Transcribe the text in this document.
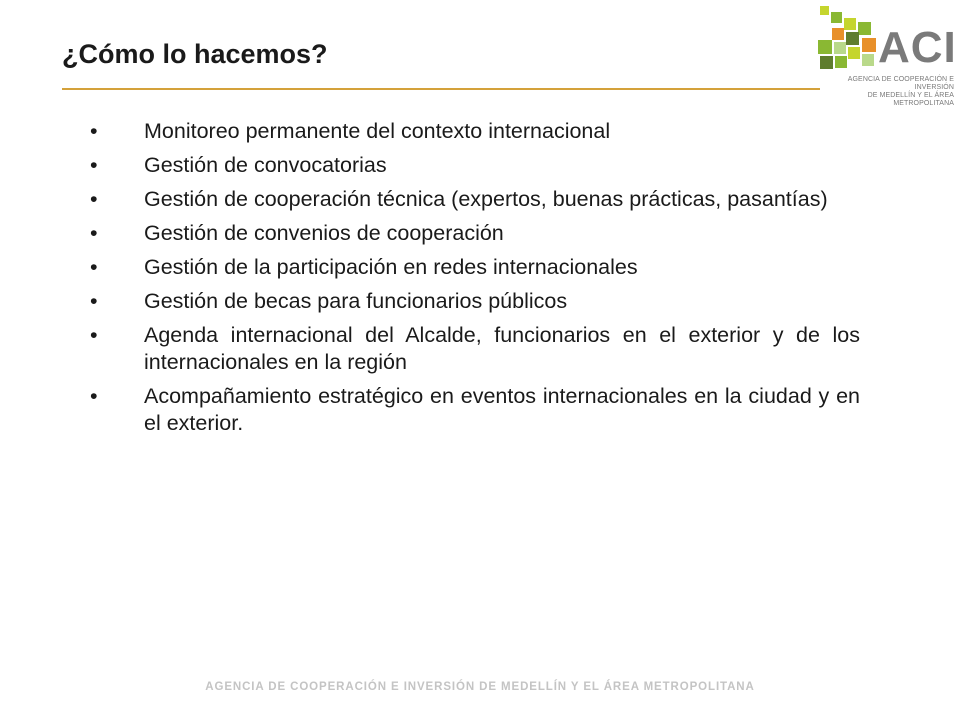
¿Cómo lo hacemos?	ACI
AGENCIA DE COOPERACIÓN E INVERSIÓN
DE MEDELLÍN Y EL ÁREA METROPOLITANA
• Monitoreo permanente del contexto internacional
• Gestión de convocatorias
• Gestión de cooperación técnica (expertos, buenas prácticas, pasantías)
• Gestión de convenios de cooperación
• Gestión de la participación en redes internacionales
• Gestión de becas para funcionarios públicos
• Agenda internacional del Alcalde, funcionarios en el exterior y de los internacionales en la región
• Acompañamiento estratégico en eventos internacionales en la ciudad y en el exterior.
AGENCIA DE COOPERACIÓN E INVERSIÓN DE MEDELLÍN Y EL ÁREA METROPOLITANA
